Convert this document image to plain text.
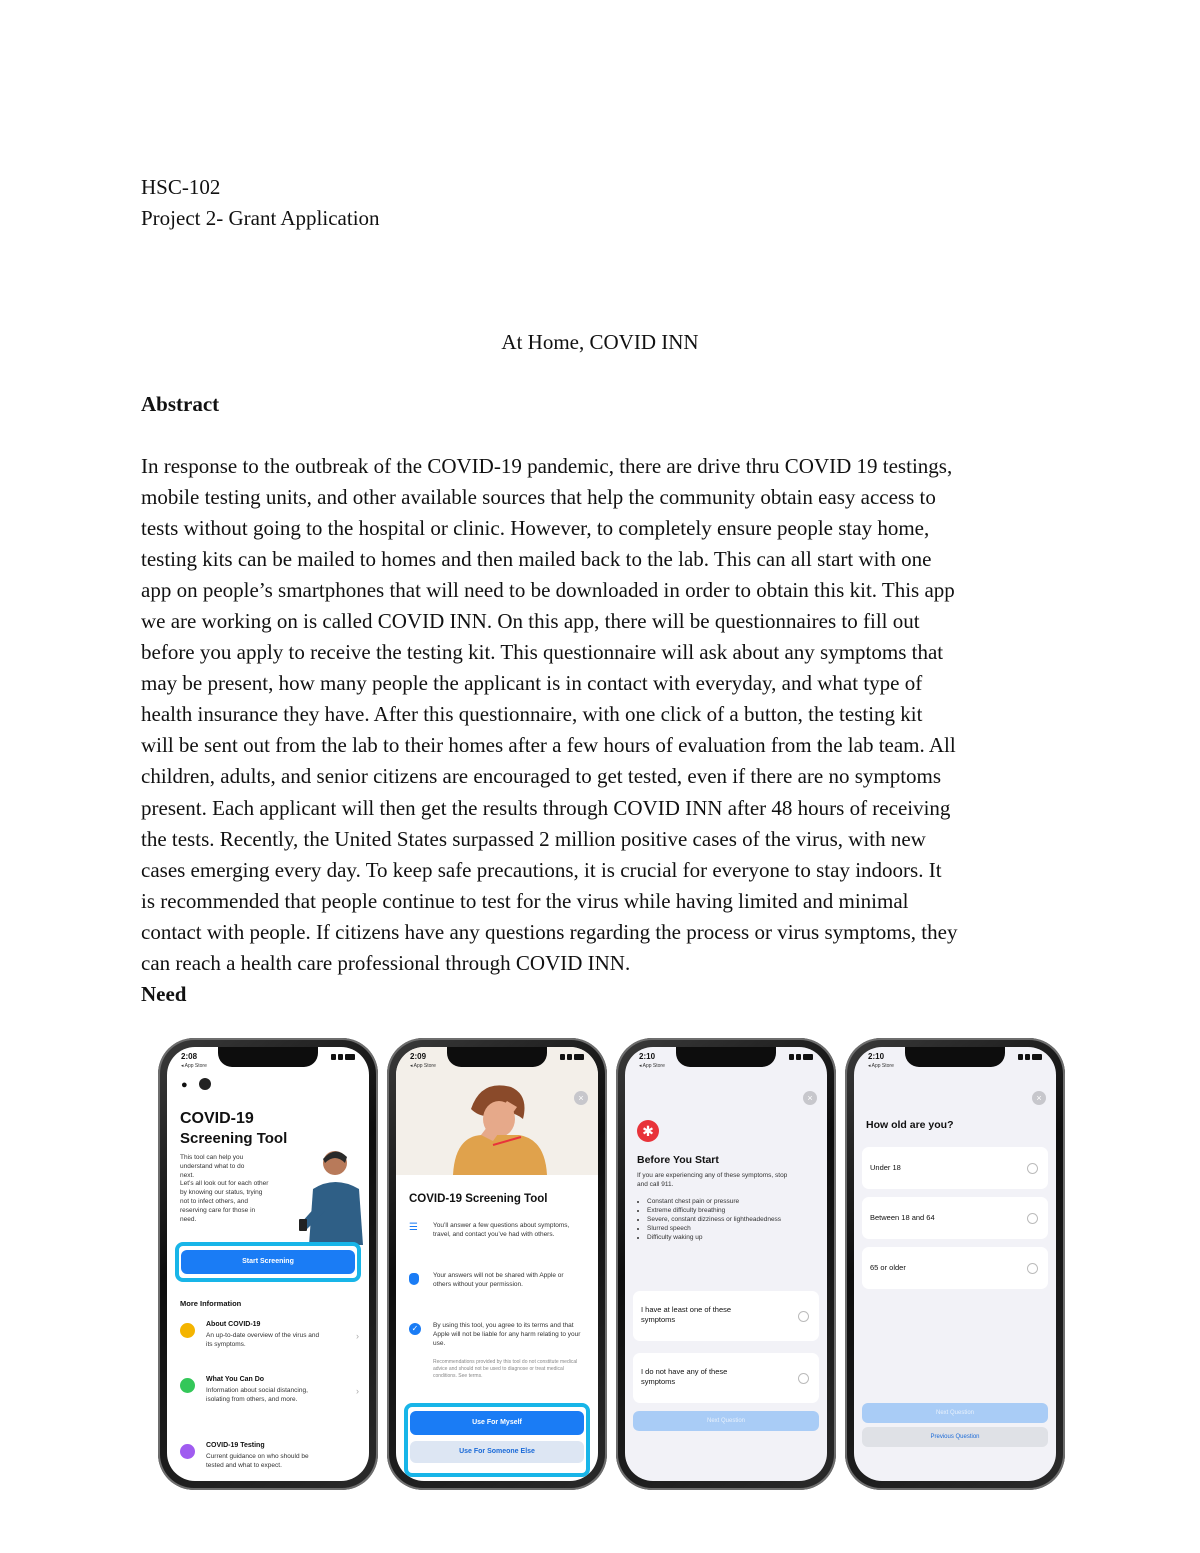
HSC-102
Project 2- Grant Application
At Home, COVID INN
Abstract
In response to the outbreak of the COVID-19 pandemic, there are drive thru COVID 19 testings,
mobile testing units, and other available sources that help the community obtain easy access to
tests without going to the hospital or clinic. However, to completely ensure people stay home,
testing kits can be mailed to homes and then mailed back to the lab. This can all start with one
app on people’s smartphones that will need to be downloaded in order to obtain this kit. This app
we are working on is called COVID INN. On this app, there will be questionnaires to fill out
before you apply to receive the testing kit. This questionnaire will ask about any symptoms that
may be present, how many people the applicant is in contact with everyday, and what type of
health insurance they have. After this questionnaire, with one click of a button, the testing kit
will be sent out from the lab to their homes after a few hours of evaluation from the lab team. All
children, adults, and senior citizens are encouraged to get tested, even if there are no symptoms
present. Each applicant will then get the results through COVID INN after 48 hours of receiving
the tests. Recently, the United States surpassed 2 million positive cases of the virus, with new
cases emerging every day. To keep safe precautions, it is crucial for everyone to stay indoors. It
is recommended that people continue to test for the virus while having limited and minimal
contact with people. If citizens have any questions regarding the process or virus symptoms, they
can reach a health care professional through COVID INN.
Need
2:08
◂ App Store
●
COVID-19
Screening Tool
This tool can help you understand what to do next.
Let’s all look out for each other by knowing our status, trying not to infect others, and reserving care for those in need.
Start Screening
More Information
About COVID-19
An up-to-date overview of the virus and its symptoms.
›
What You Can Do
Information about social distancing, isolating from others, and more.
›
COVID-19 Testing
Current guidance on who should be tested and what to expect.
2:09
◂ App Store
×
COVID-19 Screening Tool
☰ You’ll answer a few questions about symptoms, travel, and contact you’ve had with others.
Your answers will not be shared with Apple or others without your permission.
✓	By using this tool, you agree to its terms and that Apple will not be liable for any harm relating to your use.
Recommendations provided by this tool do not constitute medical advice and should not be used to diagnose or treat medical conditions. See terms.
Use For Myself
Use For Someone Else
2:10
◂ App Store
×
✱
Before You Start
If you are experiencing any of these symptoms, stop and call 911.
• Constant chest pain or pressure
• Extreme difficulty breathing
• Severe, constant dizziness or lightheadedness
• Slurred speech
• Difficulty waking up
I have at least one of these symptoms
I do not have any of these symptoms
Next Question
2:10
◂ App Store
×
How old are you?
Under 18
Between 18 and 64
65 or older
Next Question
Previous Question
